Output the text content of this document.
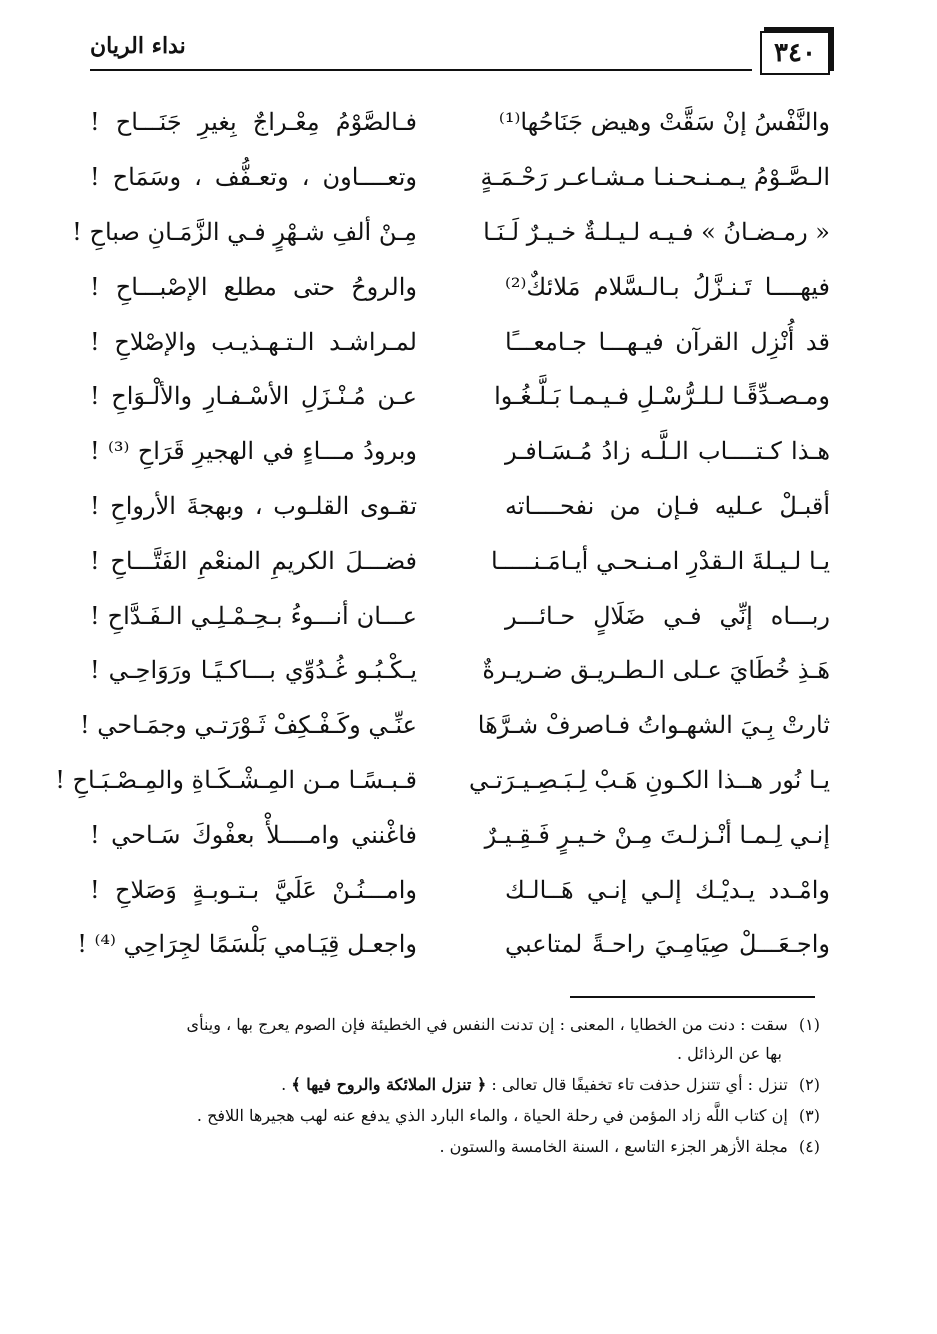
٣٤٠
نداء الريان
والنَّفْسُ إنْ سَقَّتْ وهيض جَنَاحُها⁽¹⁾
فـالصَّوْمُ مِعْـراجٌ بِغيرِ جَنَـــاح !
الـصَّـوْمُ يـمـنـحـنـا مـشـاعـر رَحْـمَـةٍ
وتعــــاون ، وتعـفُّف ، وسَمَاح !
« رمـضـانُ » فـيـه لـيـلـةٌ خـيـرٌ لَـنَـا
مِـنْ ألفِ شـهْرٍ فـي الزَّمَـانِ صباحِ !
فيهــــا تَـنـزَّلُ بـالـسَّلام مَلائكٌ⁽²⁾
والروحُ حتى مطلع الإصْبـــاحِ !
قد أُنْزِل القرآن فيـهـــا جـامعـــًا
لمـراشـد الـتـهـذيـب والإصْلاحِ !
ومـصـدِّقًـا لـلـرُّسْـلِ فـيـمـا بَـلَّـغُـوا
عـن مُـنْـزَلِ الأسْـفـارِ والألْـوَاحِ !
هـذا كـتــــاب الـلَّـه زادُ مُـسَـافـر
وبرودُ مـــاءٍ في الهجيرِ قَرَاحِ ⁽³⁾ !
أقبـلْ عـليه فـإن من نفحــــاته
تقـوى القلـوب ، وبهجةَ الأرواحِ !
يـا لـيـلةَ الـقدْرِ امـنـحـي أيـامَـنـــــا
فضـــلَ الكريمِ المنعْمِ الفَتَّـــاحِ !
ربـــاه إنِّي فـي ضَلَالٍ حـائـــر
عـــان أنـــوءُ بـحِـمْـلِـي الـفَـدَّاحِ !
هَـذِ خُطَايَ عـلى الـطـريـق ضـريـرةٌ
يـكْـبُـو غُـدُوِّي بـــاكـيًـا ورَوَاحِـي !
ثارتْ بِـيَ الشهـواتُ فـاصرفْ شـرَّهَا
عنِّـي وكَـفْـكِفْ ثَـوْرَتـي وجمَـاحي !
يـا نُور هــذا الكـونِ هَـبْ لِـبَـصِـيـرَتـي
قـبـسًـا مـن المِـشْـكَـاةِ والمِـصْـبَـاحِ !
إنـي لِـمـا أنْـزلـتَ مِـنْ خـيـرٍ فَـقِـيـرٌ
فاغْنني وامــــلأْ بعفْوكَ سَـاحي !
وامْـدد يـديْـك إلـي إنـي هَــالـك
وامـــنُـنْ عَلَيَّ بـتـوبـةٍ وَصَلاحِ !
واجـعَـــلْ صِيَامِـيَ راحـةً لمتاعبي
واجعـل قِيَـامي بَلْسَمًا لجِرَاحِي ⁽⁴⁾ !
(١) سقت : دنت من الخطايا ، المعنى : إن تدنت النفس في الخطيئة فإن الصوم يعرج بها ، وينأى
بها عن الرذائل .
(٢) تنزل : أي تتنزل حذفت تاء تخفيفًا قال تعالى : ﴿ تنزل الملائكة والروح فيها ﴾ .
(٣) إن كتاب اللَّه زاد المؤمن في رحلة الحياة ، والماء البارد الذي يدفع عنه لهب هجيرها اللافح .
(٤) مجلة الأزهر الجزء التاسع ، السنة الخامسة والستون .
